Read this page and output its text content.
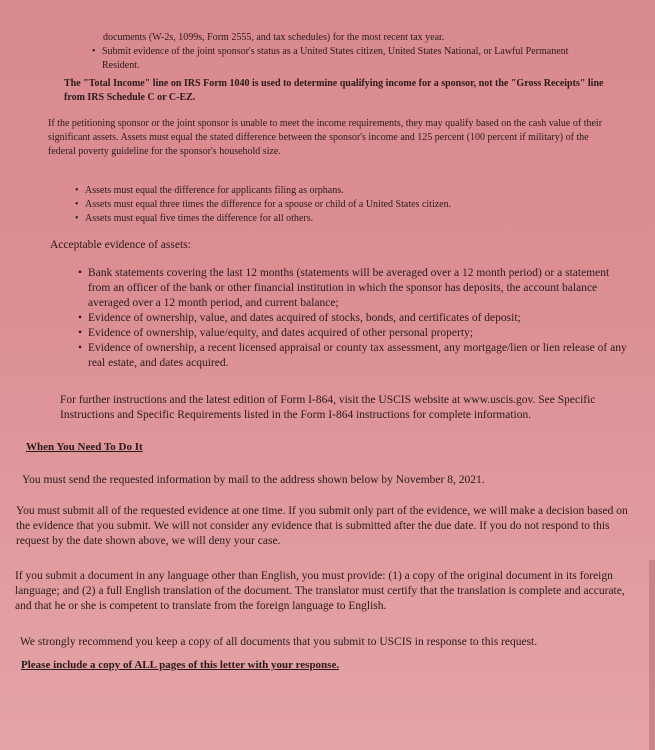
documents (W-2s, 1099s, Form 2555, and tax schedules) for the most recent tax year.

• Submit evidence of the joint sponsor's status as a United States citizen, United States National, or Lawful Permanent Resident.

The "Total Income" line on IRS Form 1040 is used to determine qualifying income for a sponsor, not the "Gross Receipts" line from IRS Schedule C or C-EZ.

If the petitioning sponsor or the joint sponsor is unable to meet the income requirements, they may qualify based on the cash value of their significant assets. Assets must equal the stated difference between the sponsor's income and 125 percent (100 percent if military) of the federal poverty guideline for the sponsor's household size.

• Assets must equal the difference for applicants filing as orphans.
• Assets must equal three times the difference for a spouse or child of a United States citizen.
• Assets must equal five times the difference for all others.

Acceptable evidence of assets:

• Bank statements covering the last 12 months (statements will be averaged over a 12 month period) or a statement from an officer of the bank or other financial institution in which the sponsor has deposits, the account balance averaged over a 12 month period, and current balance;
• Evidence of ownership, value, and dates acquired of stocks, bonds, and certificates of deposit;
• Evidence of ownership, value/equity, and dates acquired of other personal property;
• Evidence of ownership, a recent licensed appraisal or county tax assessment, any mortgage/lien or lien release of any real estate, and dates acquired.

For further instructions and the latest edition of Form I-864, visit the USCIS website at www.uscis.gov. See Specific Instructions and Specific Requirements listed in the Form I-864 instructions for complete information.

When You Need To Do It

You must send the requested information by mail to the address shown below by November 8, 2021.

You must submit all of the requested evidence at one time. If you submit only part of the evidence, we will make a decision based on the evidence that you submit. We will not consider any evidence that is submitted after the due date. If you do not respond to this request by the date shown above, we will deny your case.

If you submit a document in any language other than English, you must provide: (1) a copy of the original document in its foreign language; and (2) a full English translation of the document. The translator must certify that the translation is complete and accurate, and that he or she is competent to translate from the foreign language to English.

We strongly recommend you keep a copy of all documents that you submit to USCIS in response to this request.

Please include a copy of ALL pages of this letter with your response.
